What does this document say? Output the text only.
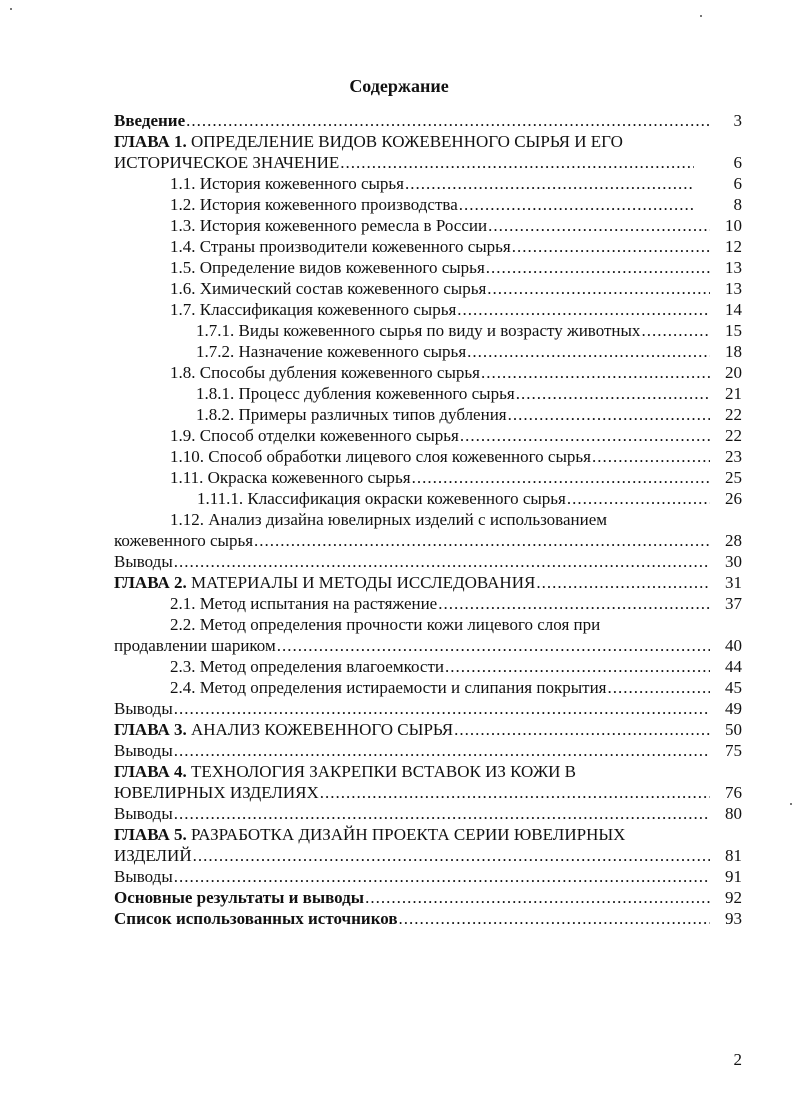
Содержание
Введение .....	3
ГЛАВА 1. ОПРЕДЕЛЕНИЕ ВИДОВ КОЖЕВЕННОГО СЫРЬЯ И ЕГО
ИСТОРИЧЕСКОЕ ЗНАЧЕНИЕ .....	6
1.1. История кожевенного сырья .....	6
1.2. История кожевенного производства .....	8
1.3. История кожевенного ремесла в России .....	10
1.4. Страны производители кожевенного сырья .....	12
1.5. Определение видов кожевенного сырья .....	13
1.6. Химический состав кожевенного сырья .....	13
1.7. Классификация кожевенного сырья .....	14
1.7.1. Виды кожевенного сырья по виду и возрасту животных .....	15
1.7.2. Назначение кожевенного сырья .....	18
1.8. Способы дубления кожевенного сырья .....	20
1.8.1. Процесс дубления кожевенного сырья .....	21
1.8.2. Примеры различных типов дубления .....	22
1.9. Способ отделки кожевенного сырья .....	22
1.10. Способ обработки лицевого слоя кожевенного сырья .....	23
1.11. Окраска кожевенного сырья .....	25
1.11.1. Классификация окраски кожевенного сырья .....	26
1.12. Анализ дизайна ювелирных изделий с использованием
кожевенного сырья .....	28
Выводы .....	30
ГЛАВА 2. МАТЕРИАЛЫ И МЕТОДЫ ИССЛЕДОВАНИЯ .....	31
2.1. Метод испытания на растяжение .....	37
2.2. Метод определения прочности кожи лицевого слоя при
продавлении шариком .....	40
2.3. Метод определения влагоемкости .....	44
2.4. Метод определения истираемости и слипания покрытия .....	45
Выводы .....	49
ГЛАВА 3. АНАЛИЗ КОЖЕВЕННОГО СЫРЬЯ .....	50
Выводы .....	75
ГЛАВА 4. ТЕХНОЛОГИЯ ЗАКРЕПКИ ВСТАВОК ИЗ КОЖИ В
ЮВЕЛИРНЫХ ИЗДЕЛИЯХ .....	76
Выводы .....	80
ГЛАВА 5. РАЗРАБОТКА ДИЗАЙН ПРОЕКТА СЕРИИ ЮВЕЛИРНЫХ
ИЗДЕЛИЙ .....	81
Выводы .....	91
Основные результаты и выводы .....	92
Список использованных источников .....	93
2
